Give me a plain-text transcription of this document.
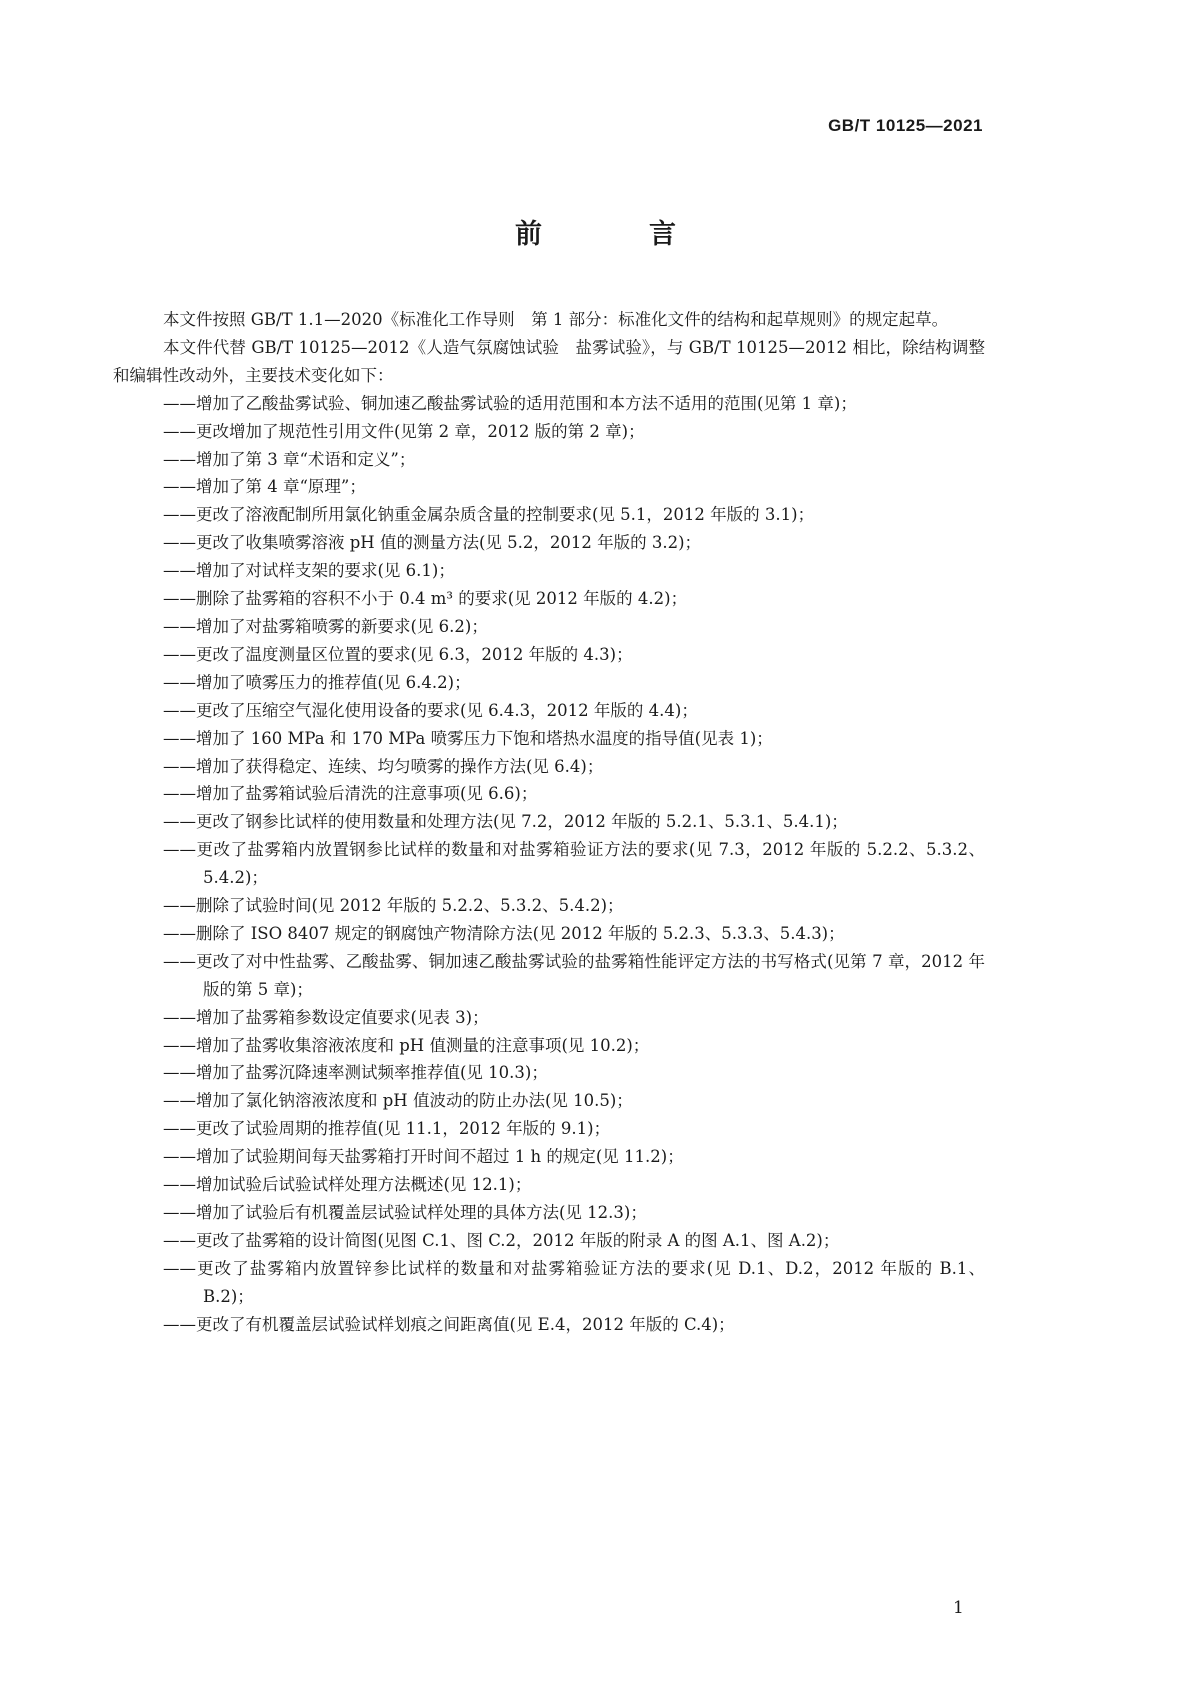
GB/T 10125—2021
前　言

本文件按照 GB/T 1.1—2020《标准化工作导则　第 1 部分：标准化文件的结构和起草规则》的规定起草。

本文件代替 GB/T 10125—2012《人造气氛腐蚀试验　盐雾试验》，与 GB/T 10125—2012 相比，除结构调整和编辑性改动外，主要技术变化如下：

——增加了乙酸盐雾试验、铜加速乙酸盐雾试验的适用范围和本方法不适用的范围(见第 1 章)；

——更改增加了规范性引用文件(见第 2 章，2012 版的第 2 章)；

——增加了第 3 章“术语和定义”；

——增加了第 4 章“原理”；

——更改了溶液配制所用氯化钠重金属杂质含量的控制要求(见 5.1，2012 年版的 3.1)；

——更改了收集喷雾溶液 pH 值的测量方法(见 5.2，2012 年版的 3.2)；

——增加了对试样支架的要求(见 6.1)；

——删除了盐雾箱的容积不小于 0.4 m³ 的要求(见 2012 年版的 4.2)；

——增加了对盐雾箱喷雾的新要求(见 6.2)；

——更改了温度测量区位置的要求(见 6.3，2012 年版的 4.3)；

——增加了喷雾压力的推荐值(见 6.4.2)；

——更改了压缩空气湿化使用设备的要求(见 6.4.3，2012 年版的 4.4)；

——增加了 160 MPa 和 170 MPa 喷雾压力下饱和塔热水温度的指导值(见表 1)；

——增加了获得稳定、连续、均匀喷雾的操作方法(见 6.4)；

——增加了盐雾箱试验后清洗的注意事项(见 6.6)；

——更改了钢参比试样的使用数量和处理方法(见 7.2，2012 年版的 5.2.1、5.3.1、5.4.1)；

——更改了盐雾箱内放置钢参比试样的数量和对盐雾箱验证方法的要求(见 7.3，2012 年版的 5.2.2、5.3.2、5.4.2)；

——删除了试验时间(见 2012 年版的 5.2.2、5.3.2、5.4.2)；

——删除了 ISO 8407 规定的钢腐蚀产物清除方法(见 2012 年版的 5.2.3、5.3.3、5.4.3)；

——更改了对中性盐雾、乙酸盐雾、铜加速乙酸盐雾试验的盐雾箱性能评定方法的书写格式(见第 7 章，2012 年版的第 5 章)；

——增加了盐雾箱参数设定值要求(见表 3)；

——增加了盐雾收集溶液浓度和 pH 值测量的注意事项(见 10.2)；

——增加了盐雾沉降速率测试频率推荐值(见 10.3)；

——增加了氯化钠溶液浓度和 pH 值波动的防止办法(见 10.5)；

——更改了试验周期的推荐值(见 11.1，2012 年版的 9.1)；

——增加了试验期间每天盐雾箱打开时间不超过 1 h 的规定(见 11.2)；

——增加试验后试验试样处理方法概述(见 12.1)；

——增加了试验后有机覆盖层试验试样处理的具体方法(见 12.3)；

——更改了盐雾箱的设计简图(见图 C.1、图 C.2，2012 年版的附录 A 的图 A.1、图 A.2)；

——更改了盐雾箱内放置锌参比试样的数量和对盐雾箱验证方法的要求(见 D.1、D.2，2012 年版的 B.1、B.2)；

——更改了有机覆盖层试验试样划痕之间距离值(见 E.4，2012 年版的 C.4)；

1
